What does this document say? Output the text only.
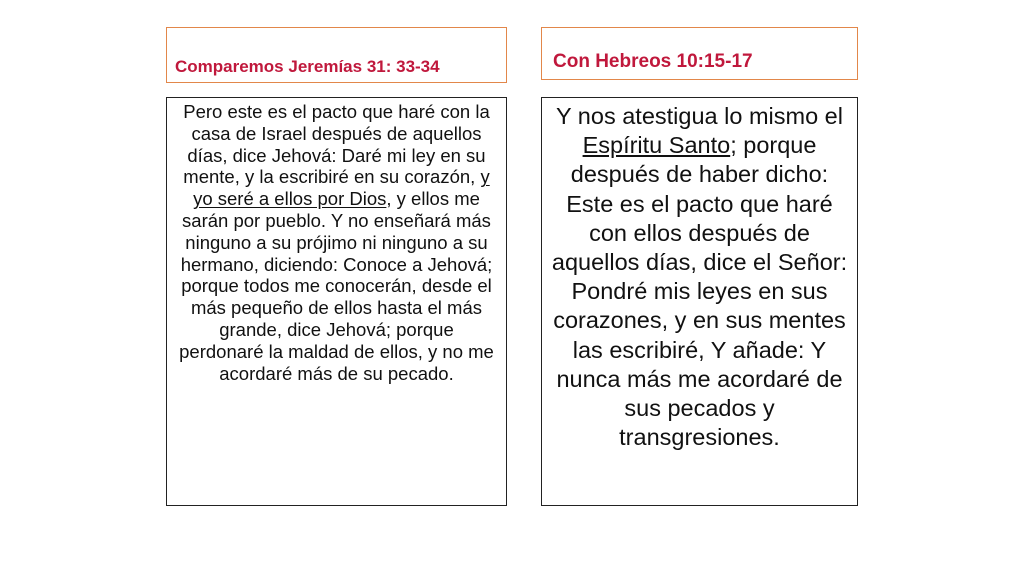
Comparemos Jeremías 31: 33-34	Con Hebreos 10:15-17
Pero este es el pacto que haré con la casa de Israel después de aquellos días, dice Jehová: Daré mi ley en su mente, y la escribiré en su corazón, y yo seré a ellos por Dios, y ellos me sarán por pueblo. Y no enseñará más ninguno a su prójimo ni ninguno a su hermano, diciendo: Conoce a Jehová; porque todos me conocerán, desde el más pequeño de ellos hasta el más grande, dice Jehová; porque perdonaré la maldad de ellos, y no me acordaré más de su pecado.
Y nos atestigua lo mismo el Espíritu Santo; porque después de haber dicho: Este es el pacto que haré con ellos después de aquellos días, dice el Señor: Pondré mis leyes en sus corazones, y en sus mentes las escribiré, Y añade: Y nunca más me acordaré de sus pecados y transgresiones.
